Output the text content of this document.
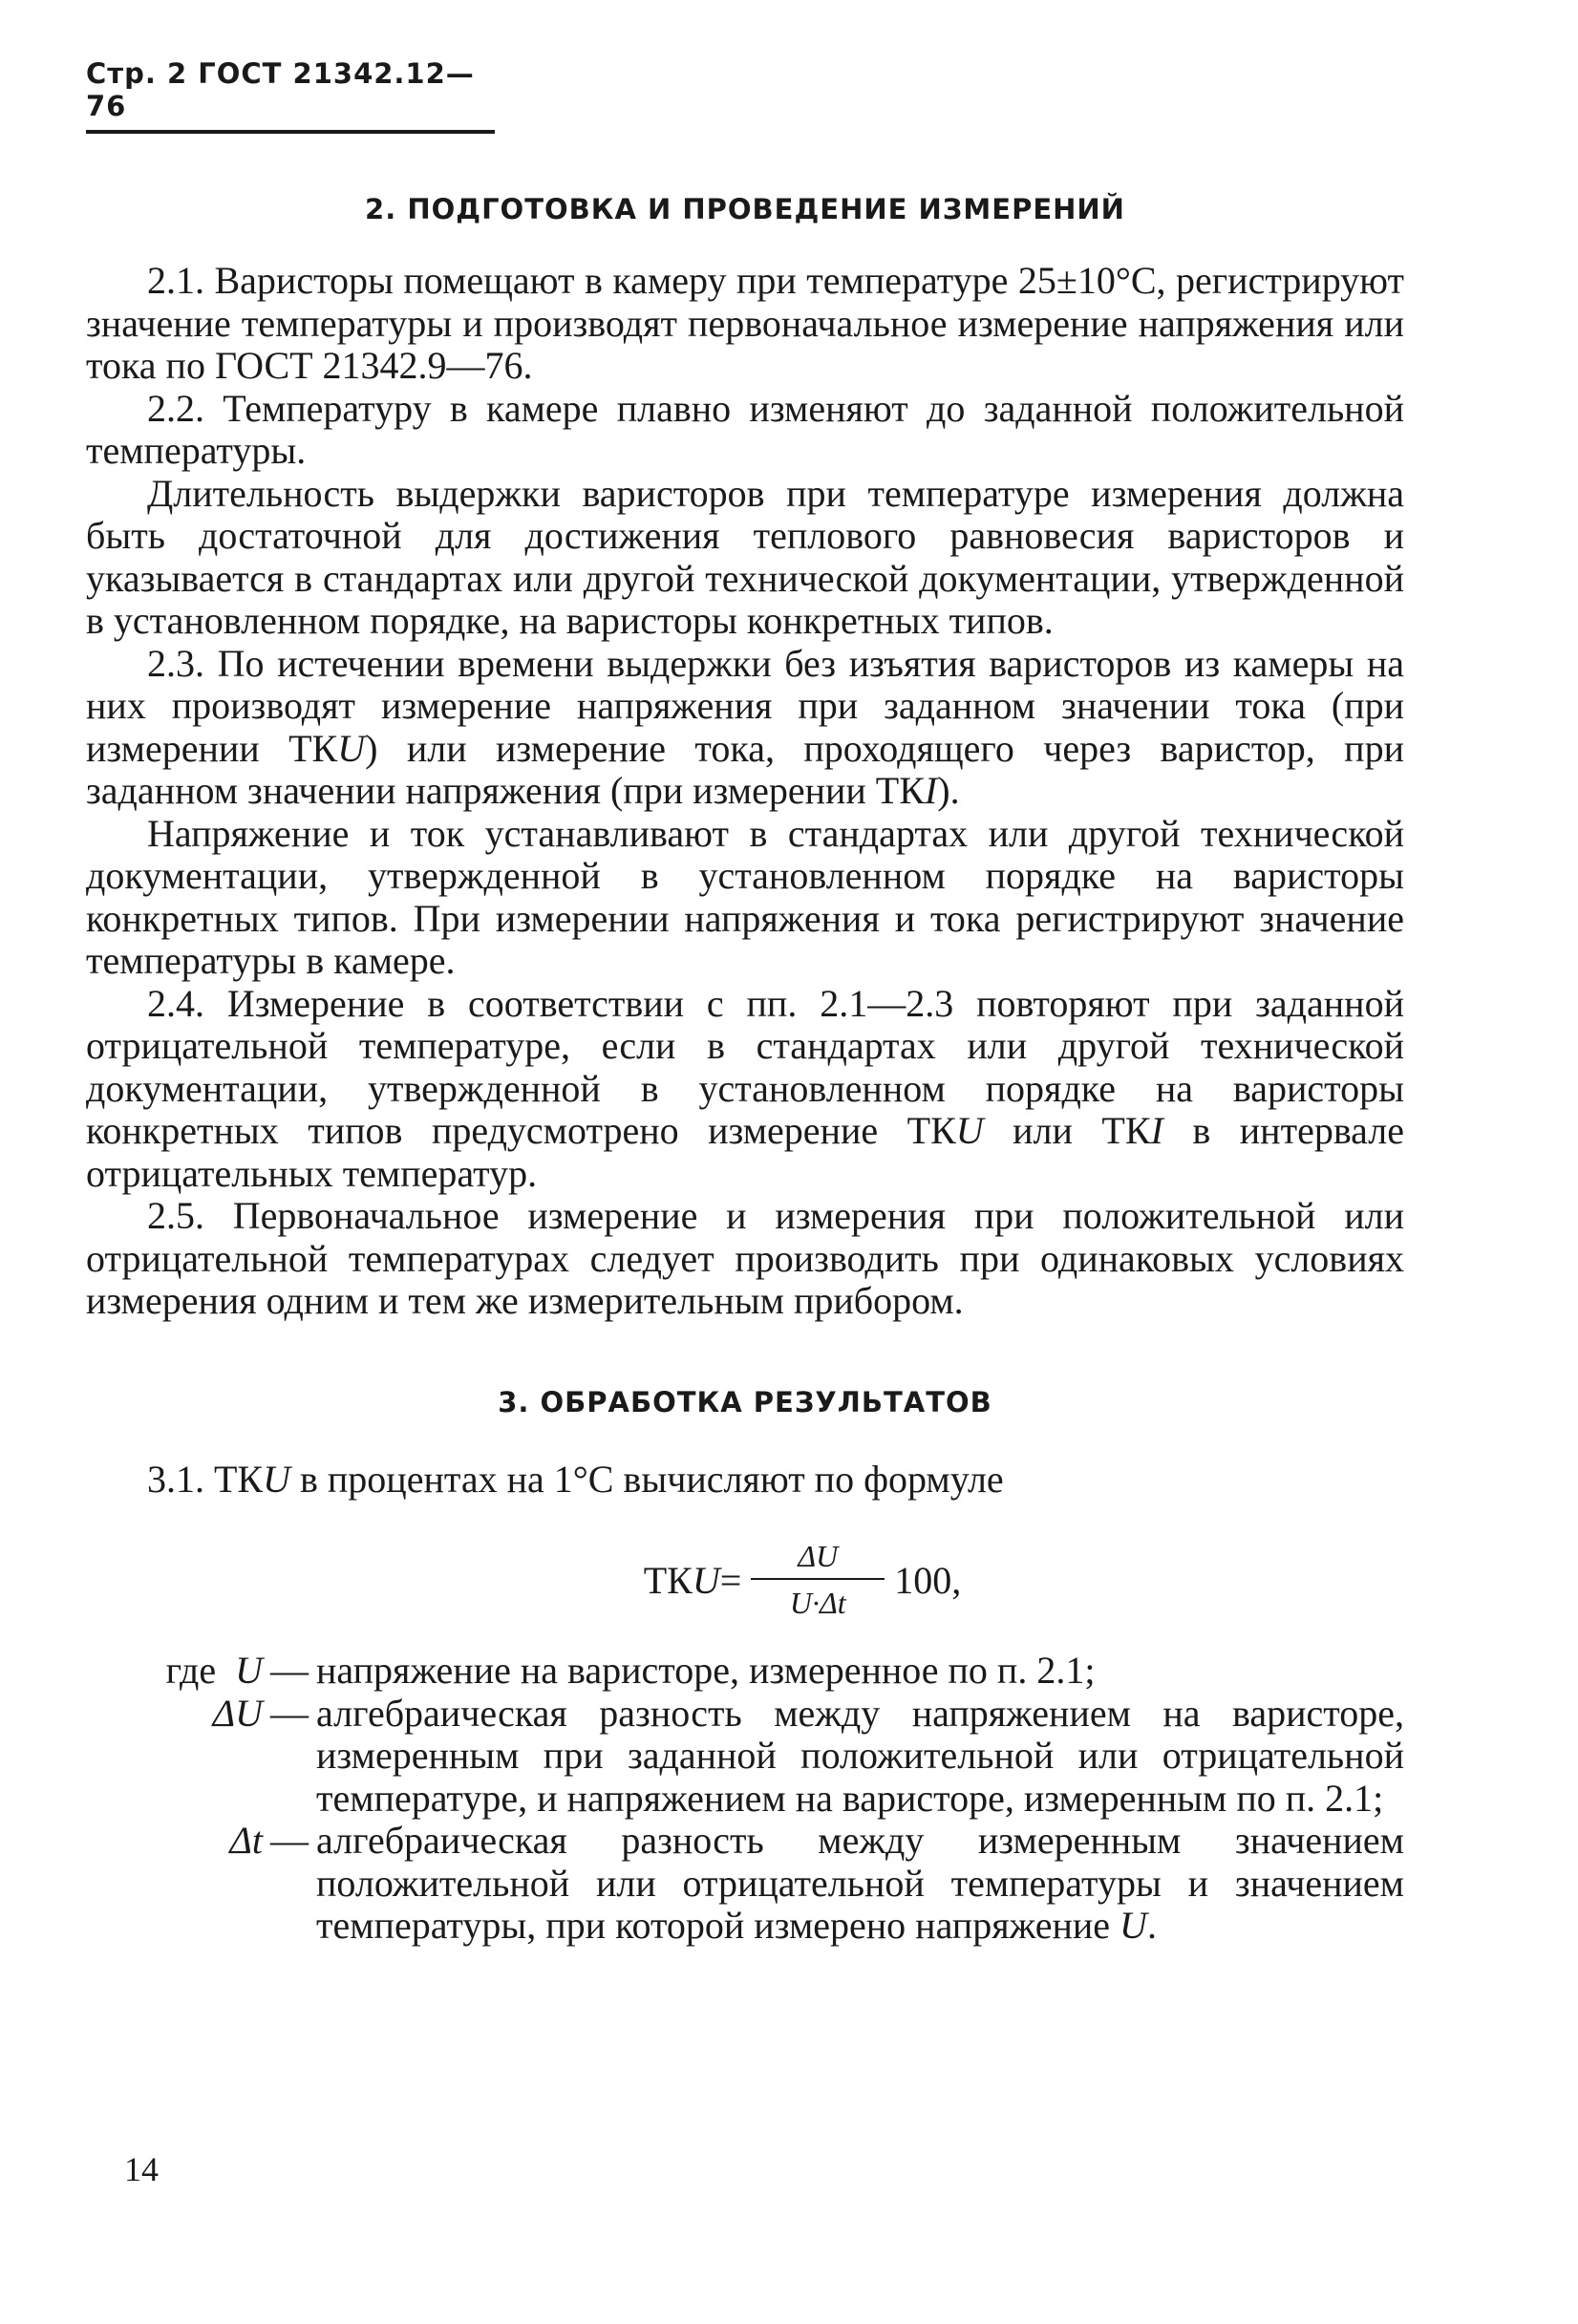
Стр. 2 ГОСТ 21342.12—76
2. ПОДГОТОВКА И ПРОВЕДЕНИЕ ИЗМЕРЕНИЙ

2.1. Варисторы помещают в камеру при температуре 25±10°С, регистрируют значение температуры и производят первоначальное измерение напряжения или тока по ГОСТ 21342.9—76.

2.2. Температуру в камере плавно изменяют до заданной положительной температуры.

Длительность выдержки варисторов при температуре измерения должна быть достаточной для достижения теплового равновесия варисторов и указывается в стандартах или другой технической документации, утвержденной в установленном порядке, на варисторы конкретных типов.

2.3. По истечении времени выдержки без изъятия варисторов из камеры на них производят измерение напряжения при заданном значении тока (при измерении ТКU) или измерение тока, проходящего через варистор, при заданном значении напряжения (при измерении ТКI).

Напряжение и ток устанавливают в стандартах или другой технической документации, утвержденной в установленном порядке на варисторы конкретных типов. При измерении напряжения и тока регистрируют значение температуры в камере.

2.4. Измерение в соответствии с пп. 2.1—2.3 повторяют при заданной отрицательной температуре, если в стандартах или другой технической документации, утвержденной в установленном порядке на варисторы конкретных типов предусмотрено измерение ТКU или ТКI в интервале отрицательных температур.

2.5. Первоначальное измерение и измерения при положительной или отрицательной температурах следует производить при одинаковых условиях измерения одним и тем же измерительным прибором.

3. ОБРАБОТКА РЕЗУЛЬТАТОВ

3.1. ТКU в процентах на 1°С вычисляют по формуле

ТК $U = \frac{\Delta U}{U\cdot\Delta t} 100$,
где U — напряжение на варисторе, измеренное по п. 2.1;
ΔU — алгебраическая разность между напряжением на варисторе, измеренным при заданной положительной или отрицательной температуре, и напряжением на варисторе, измеренным по п. 2.1;
Δt — алгебраическая разность между измеренным значением положительной или отрицательной температуры и значением температуры, при которой измерено напряжение U.
14
